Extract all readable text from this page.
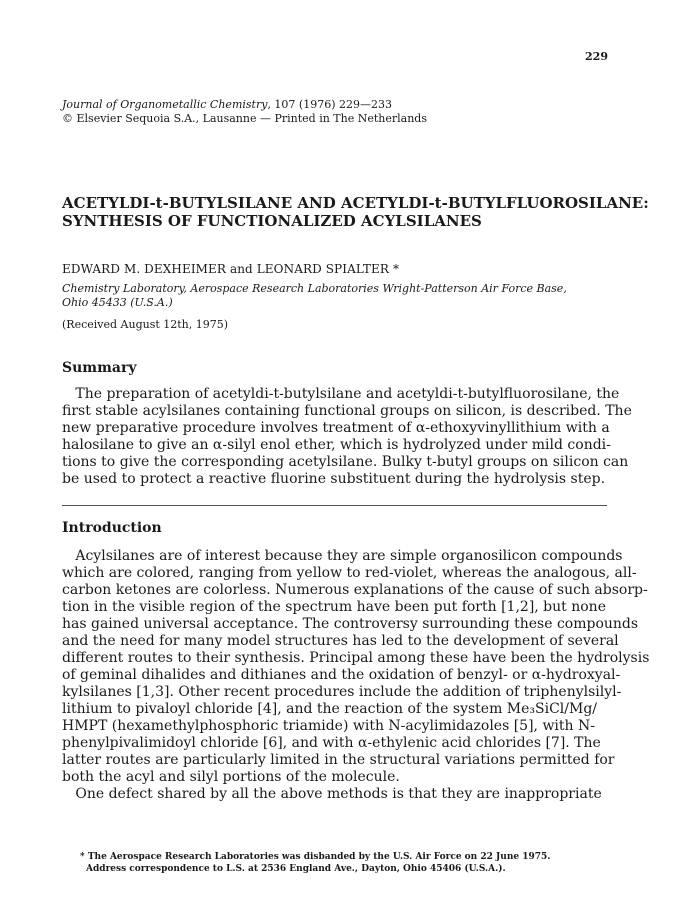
229
Journal of Organometallic Chemistry, 107 (1976) 229—233
© Elsevier Sequoia S.A., Lausanne — Printed in The Netherlands
ACETYLDI-t-BUTYLSILANE AND ACETYLDI-t-BUTYLFLUOROSILANE:
SYNTHESIS OF FUNCTIONALIZED ACYLSILANES
EDWARD M. DEXHEIMER and LEONARD SPIALTER *
Chemistry Laboratory, Aerospace Research Laboratories Wright-Patterson Air Force Base,
Ohio 45433 (U.S.A.)
(Received August 12th, 1975)
Summary
The preparation of acetyldi-t-butylsilane and acetyldi-t-butylfluorosilane, the
first stable acylsilanes containing functional groups on silicon, is described. The
new preparative procedure involves treatment of α-ethoxyvinyllithium with a
halosilane to give an α-silyl enol ether, which is hydrolyzed under mild condi-
tions to give the corresponding acetylsilane. Bulky t-butyl groups on silicon can
be used to protect a reactive fluorine substituent during the hydrolysis step.
Introduction
Acylsilanes are of interest because they are simple organosilicon compounds
which are colored, ranging from yellow to red-violet, whereas the analogous, all-
carbon ketones are colorless. Numerous explanations of the cause of such absorp-
tion in the visible region of the spectrum have been put forth [1,2], but none
has gained universal acceptance. The controversy surrounding these compounds
and the need for many model structures has led to the development of several
different routes to their synthesis. Principal among these have been the hydrolysis
of geminal dihalides and dithianes and the oxidation of benzyl- or α-hydroxyal-
kylsilanes [1,3]. Other recent procedures include the addition of triphenylsilyl-
lithium to pivaloyl chloride [4], and the reaction of the system Me₃SiCl/Mg/
HMPT (hexamethylphosphoric triamide) with N-acylimidazoles [5], with N-
phenylpivalimidoyl chloride [6], and with α-ethylenic acid chlorides [7]. The
latter routes are particularly limited in the structural variations permitted for
both the acyl and silyl portions of the molecule.
One defect shared by all the above methods is that they are inappropriate
* The Aerospace Research Laboratories was disbanded by the U.S. Air Force on 22 June 1975.
Address correspondence to L.S. at 2536 England Ave., Dayton, Ohio 45406 (U.S.A.).
